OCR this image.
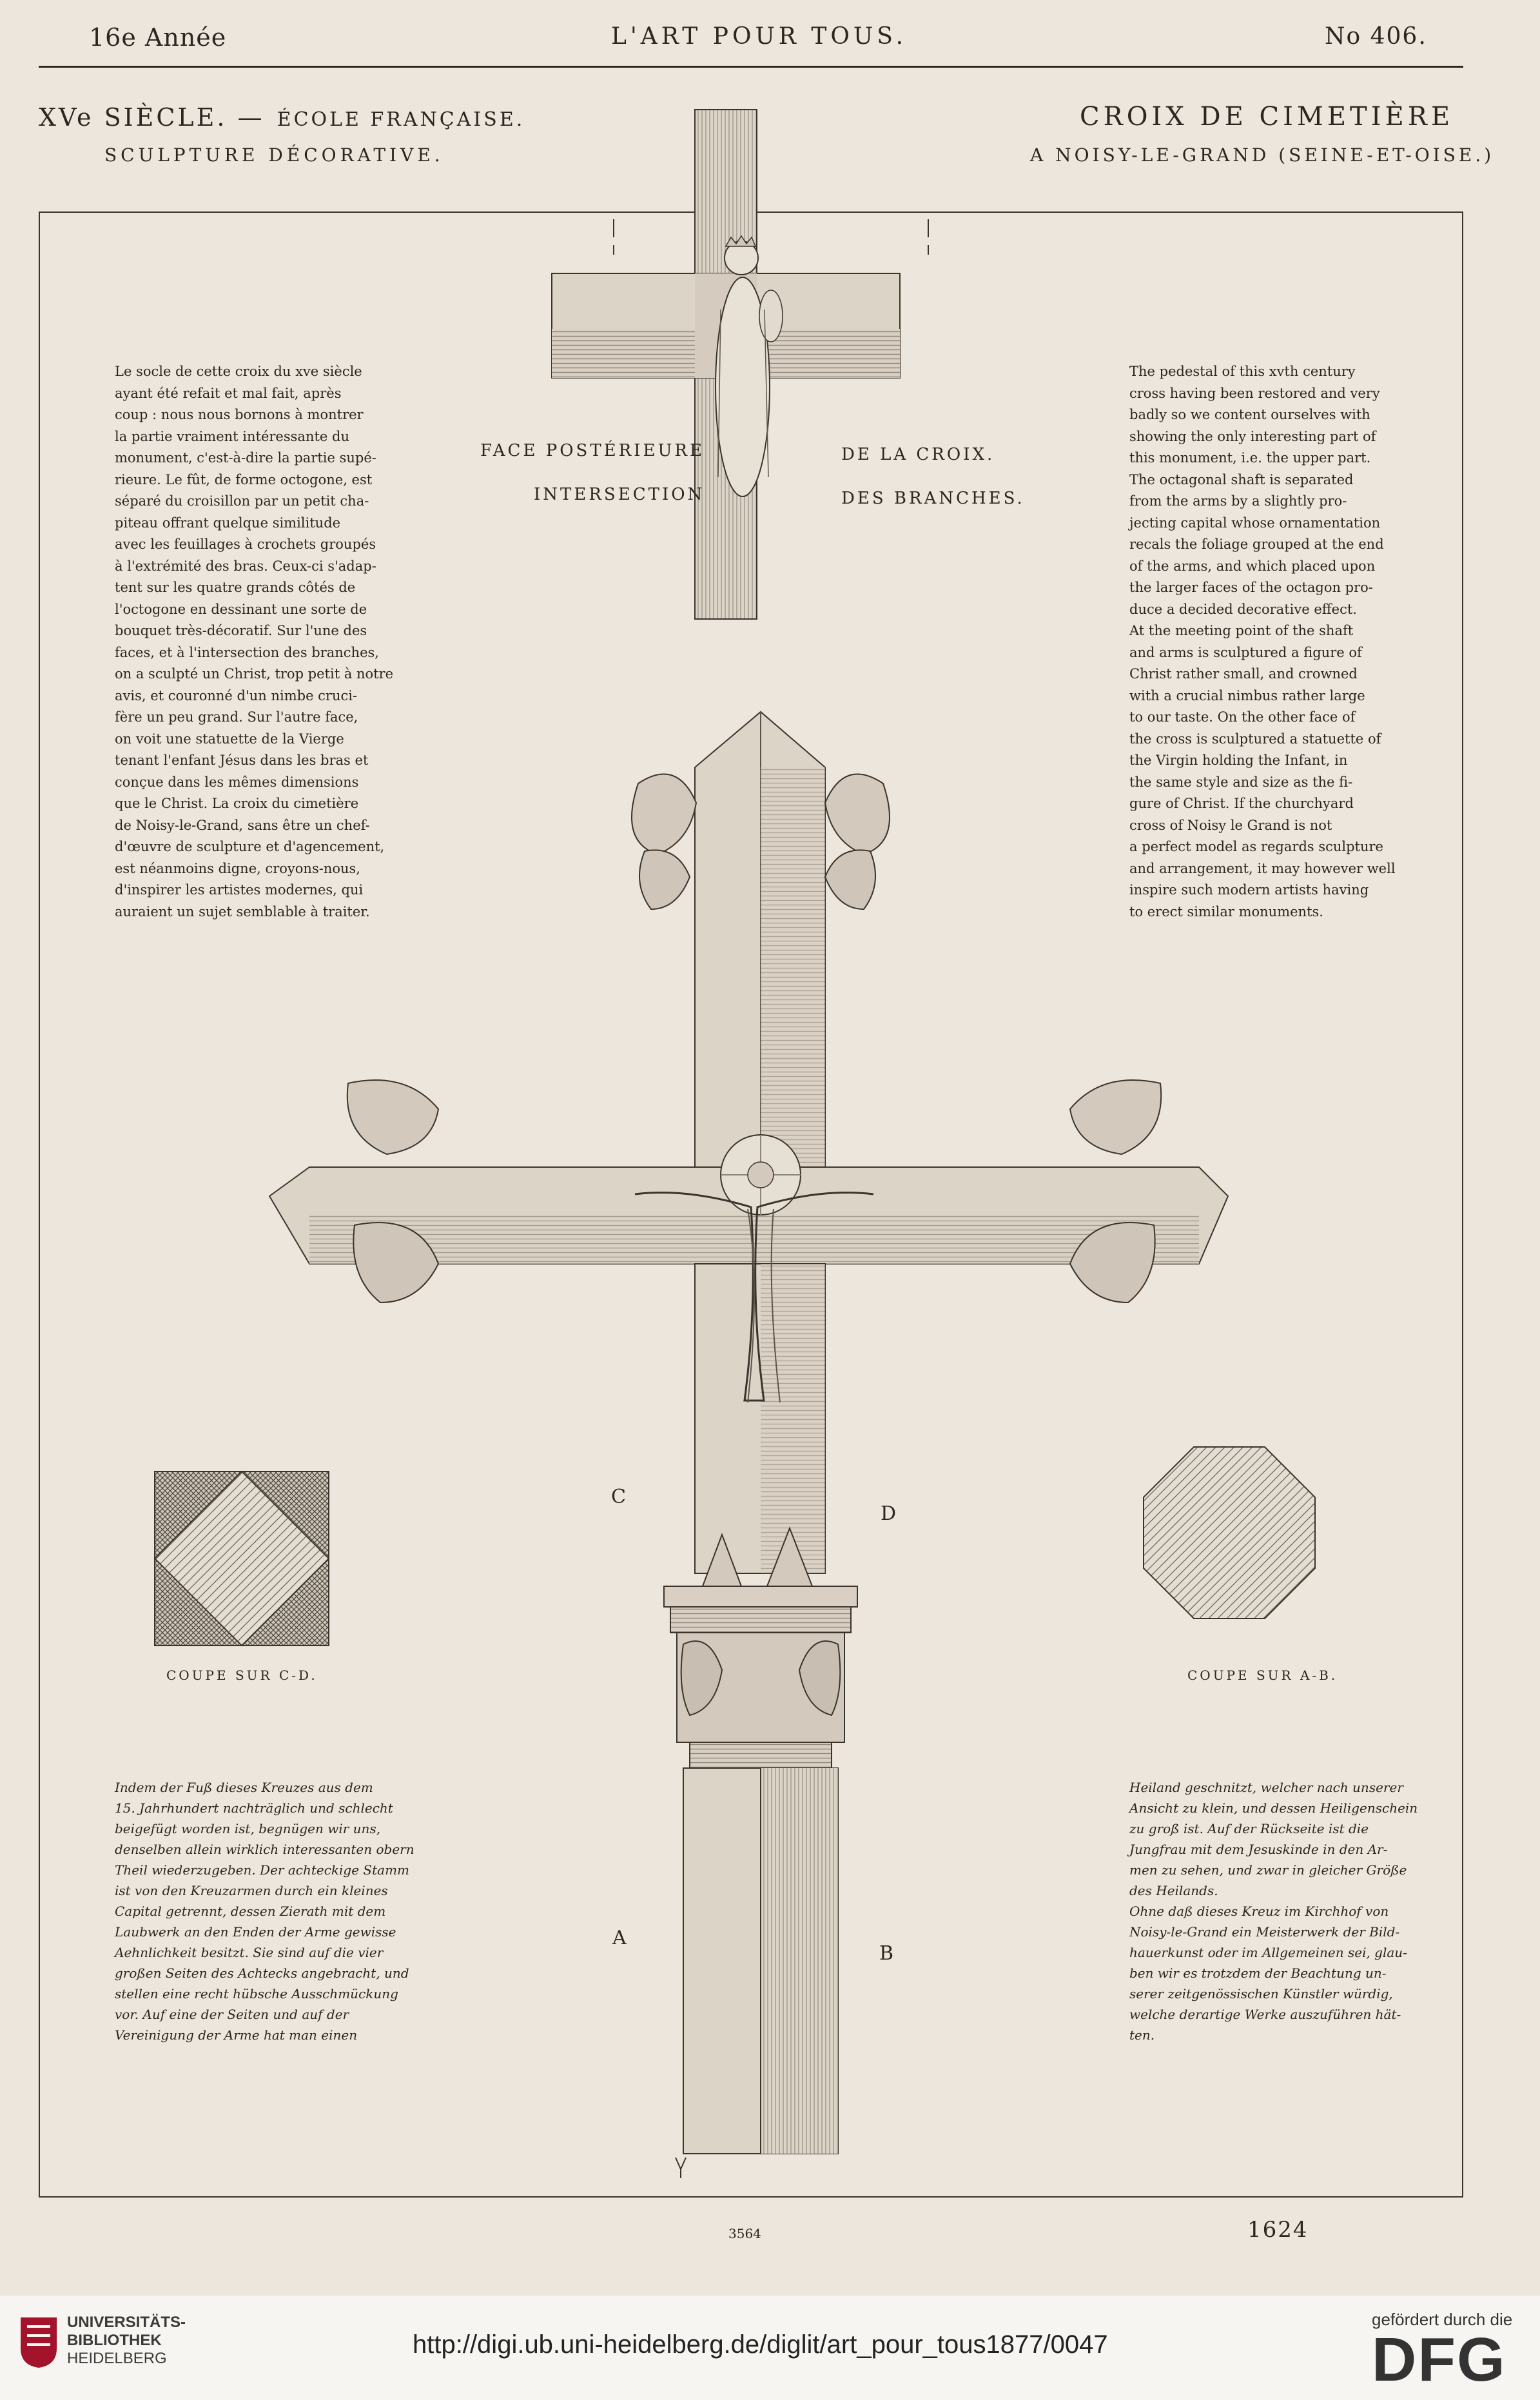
16e Année	L'ART POUR TOUS.	No 406.
XVe SIÈCLE. — ÉCOLE FRANÇAISE.
SCULPTURE DÉCORATIVE.
CROIX DE CIMETIÈRE
A NOISY-LE-GRAND (SEINE-ET-OISE.)
FACE POSTÉRIEURE
INTERSECTION
DE LA CROIX.
DES BRANCHES.
C
D
A
B
COUPE SUR C-D.	COUPE SUR A-B.
Le socle de cette croix du xve siècle
ayant été refait et mal fait, après
coup : nous nous bornons à montrer
la partie vraiment intéressante du
monument, c'est-à-dire la partie supé-
rieure. Le fût, de forme octogone, est
séparé du croisillon par un petit cha-
piteau offrant quelque similitude
avec les feuillages à crochets groupés
à l'extrémité des bras. Ceux-ci s'adap-
tent sur les quatre grands côtés de
l'octogone en dessinant une sorte de
bouquet très-décoratif. Sur l'une des
faces, et à l'intersection des branches,
on a sculpté un Christ, trop petit à notre
avis, et couronné d'un nimbe cruci-
fère un peu grand. Sur l'autre face,
on voit une statuette de la Vierge
tenant l'enfant Jésus dans les bras et
conçue dans les mêmes dimensions
que le Christ. La croix du cimetière
de Noisy-le-Grand, sans être un chef-
d'œuvre de sculpture et d'agencement,
est néanmoins digne, croyons-nous,
d'inspirer les artistes modernes, qui
auraient un sujet semblable à traiter.
The pedestal of this xvth century
cross having been restored and very
badly so we content ourselves with
showing the only interesting part of
this monument, i.e. the upper part.
The octagonal shaft is separated
from the arms by a slightly pro-
jecting capital whose ornamentation
recals the foliage grouped at the end
of the arms, and which placed upon
the larger faces of the octagon pro-
duce a decided decorative effect.
At the meeting point of the shaft
and arms is sculptured a figure of
Christ rather small, and crowned
with a crucial nimbus rather large
to our taste. On the other face of
the cross is sculptured a statuette of
the Virgin holding the Infant, in
the same style and size as the fi-
gure of Christ. If the churchyard
cross of Noisy le Grand is not
a perfect model as regards sculpture
and arrangement, it may however well
inspire such modern artists having
to erect similar monuments.
Indem der Fuß dieses Kreuzes aus dem
15. Jahrhundert nachträglich und schlecht
beigefügt worden ist, begnügen wir uns,
denselben allein wirklich interessanten obern
Theil wiederzugeben. Der achteckige Stamm
ist von den Kreuzarmen durch ein kleines
Capital getrennt, dessen Zierath mit dem
Laubwerk an den Enden der Arme gewisse
Aehnlichkeit besitzt. Sie sind auf die vier
großen Seiten des Achtecks angebracht, und
stellen eine recht hübsche Ausschmückung
vor. Auf eine der Seiten und auf der
Vereinigung der Arme hat man einen
Heiland geschnitzt, welcher nach unserer
Ansicht zu klein, und dessen Heiligenschein
zu groß ist. Auf der Rückseite ist die
Jungfrau mit dem Jesuskinde in den Ar-
men zu sehen, und zwar in gleicher Größe
des Heilands.
Ohne daß dieses Kreuz im Kirchhof von
Noisy-le-Grand ein Meisterwerk der Bild-
hauerkunst oder im Allgemeinen sei, glau-
ben wir es trotzdem der Beachtung un-
serer zeitgenössischen Künstler würdig,
welche derartige Werke auszuführen hät-
ten.
3564	1624
UNIVERSITÄTS-
BIBLIOTHEK
HEIDELBERG	http://digi.ub.uni-heidelberg.de/diglit/art_pour_tous1877/0047
gefördert durch die
DFG
